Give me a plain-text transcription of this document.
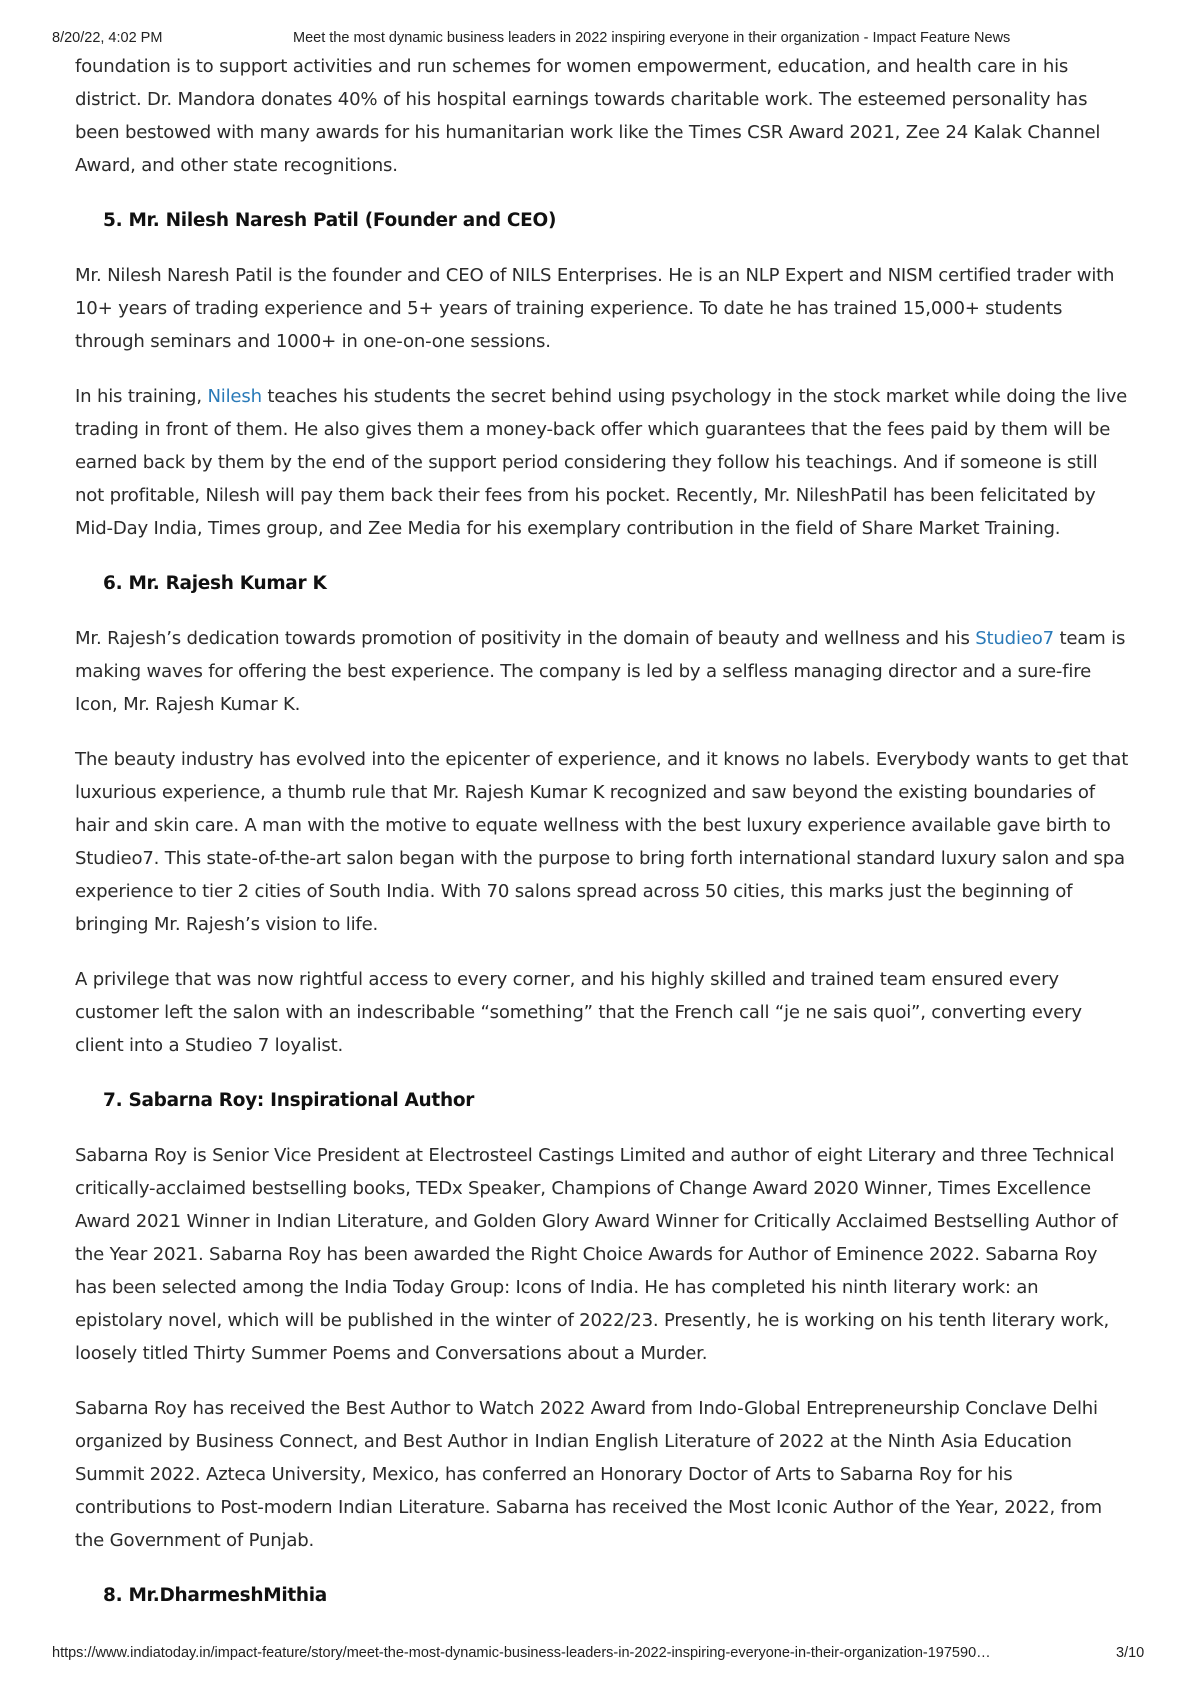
8/20/22, 4:02 PM	Meet the most dynamic business leaders in 2022 inspiring everyone in their organization - Impact Feature News

foundation is to support activities and run schemes for women empowerment, education, and health care in his district. Dr. Mandora donates 40% of his hospital earnings towards charitable work. The esteemed personality has been bestowed with many awards for his humanitarian work like the Times CSR Award 2021, Zee 24 Kalak Channel Award, and other state recognitions.

5. Mr. Nilesh Naresh Patil (Founder and CEO)

Mr. Nilesh Naresh Patil is the founder and CEO of NILS Enterprises. He is an NLP Expert and NISM certified trader with 10+ years of trading experience and 5+ years of training experience. To date he has trained 15,000+ students through seminars and 1000+ in one-on-one sessions.

In his training, Nilesh teaches his students the secret behind using psychology in the stock market while doing the live trading in front of them. He also gives them a money-back offer which guarantees that the fees paid by them will be earned back by them by the end of the support period considering they follow his teachings. And if someone is still not profitable, Nilesh will pay them back their fees from his pocket. Recently, Mr. NileshPatil has been felicitated by Mid-Day India, Times group, and Zee Media for his exemplary contribution in the field of Share Market Training.

6. Mr. Rajesh Kumar K

Mr. Rajesh’s dedication towards promotion of positivity in the domain of beauty and wellness and his Studieo7 team is making waves for offering the best experience. The company is led by a selfless managing director and a sure-fire Icon, Mr. Rajesh Kumar K.

The beauty industry has evolved into the epicenter of experience, and it knows no labels. Everybody wants to get that luxurious experience, a thumb rule that Mr. Rajesh Kumar K recognized and saw beyond the existing boundaries of hair and skin care. A man with the motive to equate wellness with the best luxury experience available gave birth to Studieo7. This state-of-the-art salon began with the purpose to bring forth international standard luxury salon and spa experience to tier 2 cities of South India. With 70 salons spread across 50 cities, this marks just the beginning of bringing Mr. Rajesh’s vision to life.

A privilege that was now rightful access to every corner, and his highly skilled and trained team ensured every customer left the salon with an indescribable “something” that the French call “je ne sais quoi”, converting every client into a Studieo 7 loyalist.

7. Sabarna Roy: Inspirational Author

Sabarna Roy is Senior Vice President at Electrosteel Castings Limited and author of eight Literary and three Technical critically-acclaimed bestselling books, TEDx Speaker, Champions of Change Award 2020 Winner, Times Excellence Award 2021 Winner in Indian Literature, and Golden Glory Award Winner for Critically Acclaimed Bestselling Author of the Year 2021. Sabarna Roy has been awarded the Right Choice Awards for Author of Eminence 2022. Sabarna Roy has been selected among the India Today Group: Icons of India. He has completed his ninth literary work: an epistolary novel, which will be published in the winter of 2022/23. Presently, he is working on his tenth literary work, loosely titled Thirty Summer Poems and Conversations about a Murder.

Sabarna Roy has received the Best Author to Watch 2022 Award from Indo-Global Entrepreneurship Conclave Delhi organized by Business Connect, and Best Author in Indian English Literature of 2022 at the Ninth Asia Education Summit 2022. Azteca University, Mexico, has conferred an Honorary Doctor of Arts to Sabarna Roy for his contributions to Post-modern Indian Literature. Sabarna has received the Most Iconic Author of the Year, 2022, from the Government of Punjab.

8. Mr.DharmeshMithia
https://www.indiatoday.in/impact-feature/story/meet-the-most-dynamic-business-leaders-in-2022-inspiring-everyone-in-their-organization-197590…	3/10
